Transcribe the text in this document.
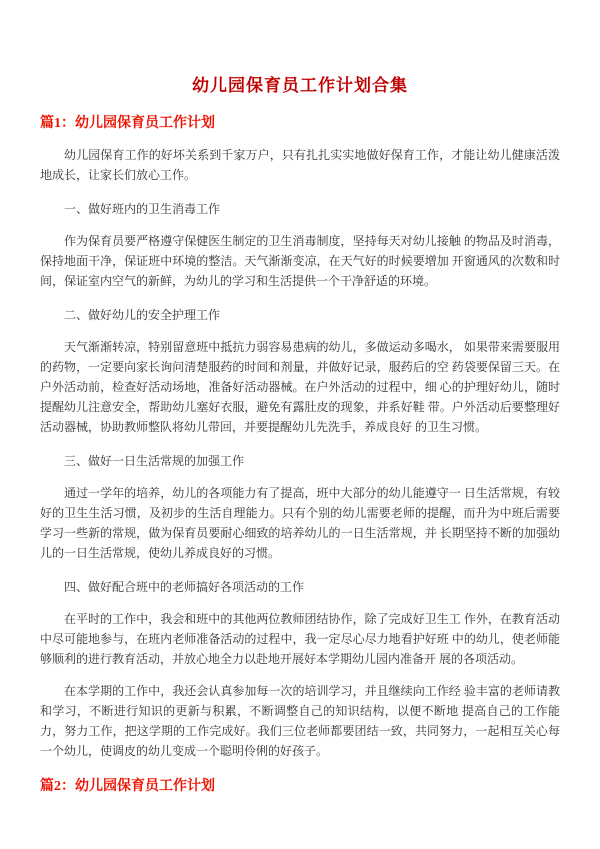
幼儿园保育员工作计划合集
篇1：幼儿园保育员工作计划

幼儿园保育工作的好坏关系到千家万户，只有扎扎实实地做好保育工作，才能让幼儿健康活泼地成长，让家长们放心工作。

一、做好班内的卫生消毒工作

作为保育员要严格遵守保健医生制定的卫生消毒制度，坚持每天对幼儿接触 的物品及时消毒，保持地面干净，保证班中环境的整洁。天气渐渐变凉，在天气好的时候要增加 开窗通风的次数和时间，保证室内空气的新鲜，为幼儿的学习和生活提供一个干净舒适的环境。

二、做好幼儿的安全护理工作

天气渐渐转凉，特别留意班中抵抗力弱容易患病的幼儿，多做运动多喝水， 如果带来需要服用的药物，一定要向家长询问清楚服药的时间和剂量，并做好记录，服药后的空 药袋要保留三天。在户外活动前，检查好活动场地，准备好活动器械。在户外活动的过程中，细 心的护理好幼儿，随时提醒幼儿注意安全，帮助幼儿塞好衣服，避免有露肚皮的现象，并系好鞋 带。户外活动后要整理好活动器械，协助教师整队将幼儿带回，并要提醒幼儿先洗手，养成良好 的卫生习惯。

三、做好一日生活常规的加强工作

通过一学年的培养，幼儿的各项能力有了提高，班中大部分的幼儿能遵守一 日生活常规，有较好的卫生生活习惯，及初步的生活自理能力。只有个别的幼儿需要老师的提醒，而升为中班后需要学习一些新的常规，做为保育员要耐心细致的培养幼儿的一日生活常规，并 长期坚持不断的加强幼儿的一日生活常规，使幼儿养成良好的习惯。

四、做好配合班中的老师搞好各项活动的工作

在平时的工作中，我会和班中的其他两位教师团结协作，除了完成好卫生工 作外，在教育活动中尽可能地参与，在班内老师准备活动的过程中，我一定尽心尽力地看护好班 中的幼儿，使老师能够顺利的进行教育活动，并放心地全力以赴地开展好本学期幼儿园内准备开 展的各项活动。

在本学期的工作中，我还会认真参加每一次的培训学习，并且继续向工作经 验丰富的老师请教和学习，不断进行知识的更新与积累，不断调整自己的知识结构，以便不断地 提高自己的工作能力，努力工作，把这学期的工作完成好。我们三位老师都要团结一致，共同努力，一起相互关心每一个幼儿，使调皮的幼儿变成一个聪明伶俐的好孩子。

篇2：幼儿园保育员工作计划
